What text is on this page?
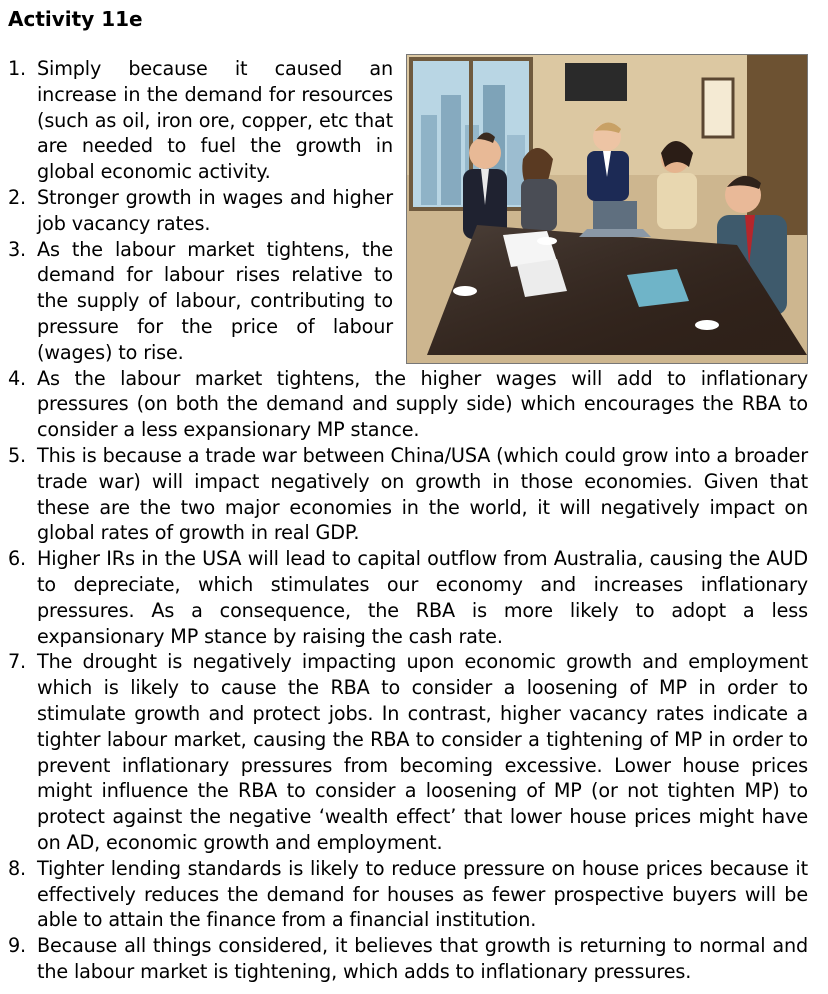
Activity 11e
1. Simply because it caused an increase in the demand for resources (such as oil, iron ore, copper, etc that are needed to fuel the growth in global economic activity.
2. Stronger growth in wages and higher job vacancy rates.
3. As the labour market tightens, the demand for labour rises relative to the supply of labour, contributing to pressure for the price of labour (wages) to rise.
4. As the labour market tightens, the higher wages will add to inflationary pressures (on both the demand and supply side) which encourages the RBA to consider a less expansionary MP stance.
5. This is because a trade war between China/USA (which could grow into a broader trade war) will impact negatively on growth in those economies. Given that these are the two major economies in the world, it will negatively impact on global rates of growth in real GDP.
6. Higher IRs in the USA will lead to capital outflow from Australia, causing the AUD to depreciate, which stimulates our economy and increases inflationary pressures. As a consequence, the RBA is more likely to adopt a less expansionary MP stance by raising the cash rate.
7. The drought is negatively impacting upon economic growth and employment which is likely to cause the RBA to consider a loosening of MP in order to stimulate growth and protect jobs. In contrast, higher vacancy rates indicate a tighter labour market, causing the RBA to consider a tightening of MP in order to prevent inflationary pressures from becoming excessive. Lower house prices might influence the RBA to consider a loosening of MP (or not tighten MP) to protect against the negative ‘wealth effect’ that lower house prices might have on AD, economic growth and employment.
8. Tighter lending standards is likely to reduce pressure on house prices because it effectively reduces the demand for houses as fewer prospective buyers will be able to attain the finance from a financial institution.
9. Because all things considered, it believes that growth is returning to normal and the labour market is tightening, which adds to inflationary pressures.
